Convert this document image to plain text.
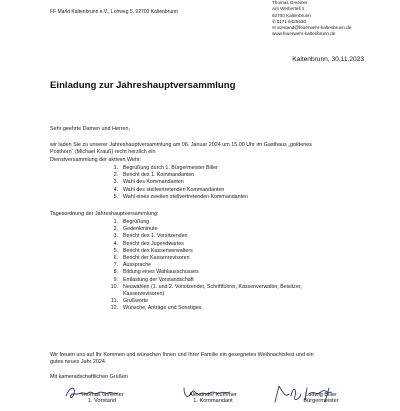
FF Markt Kaltenbrunn e.V., Lohweg 5, 92700 Kaltenbrunn
Thomas Gmeiner
Am Weihertell 1
92700 Kaltenbrunn
✆0171 6425530
✉vorstand@feuerwehr-kaltenbrunn.de
www.feuerwehr-kaltenbrunn.de
Kaltenbrunn, 30.11.2023
Einladung zur Jahreshauptversammlung
Sehr geehrte Damen und Herren,
wir laden Sie zu unserer Jahreshauptversammlung am 06. Januar 2024 um 15.00 Uhr im Gasthaus „goldenes
Posthorn“ (Michael Krauß) recht herzlich ein
Dienstversammlung der aktiven Wehr:
1. Begrüßung durch 1. Bürgermeister Biller
2. Bericht des 1. Kommandanten
3. Wahl des Kommandanten
4. Wahl des stellvertretenden Kommandanten
5. Wahl eines zweiten stellvertretenden Kommandanten
Tagesordnung der Jahreshauptversammlung:
1. Begrüßung
2. Gedenkminute
3. Bericht des 1. Vorsitzenden
4. Bericht des Jugendwartes
5. Bericht des Kassenverwalters
6. Bericht der Kassenrevisoren
7. Aussprache
8. Bildung eines Wahlausschusses
9. Entlastung der Vorstandschaft
10. Neuwahlen (1. und 2. Vorsitzender, Schriftführer, Kassenverwalter, Beisitzer,
Kassenrevisoren)
11. Grußworte
12. Wünsche, Anträge und Sonstiges
Wir freuen uns auf Ihr Kommen und wünschen Ihnen und Ihrer Familie ein gesegnetes Weihnachtsfest und ein
gutes neues Jahr 2024.
Mit kameradschaftlichen Grüßen
Thomas Gmeiner
1. Vorstand
Alexander Kummer
1. Kommandant
Ludwig Biller
Bürgermeister
